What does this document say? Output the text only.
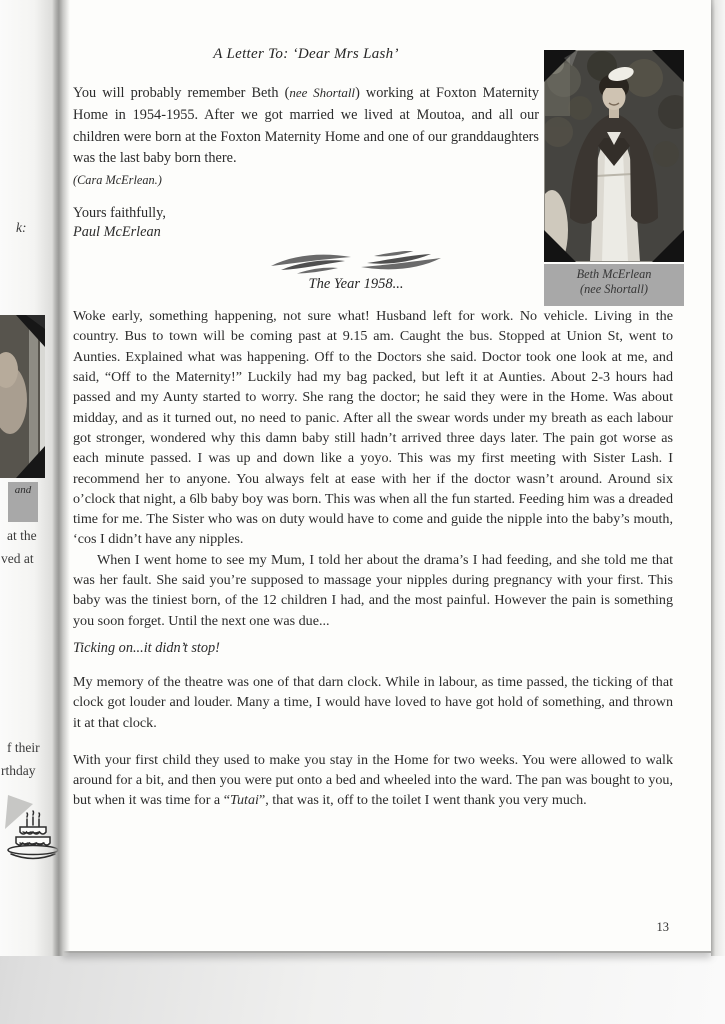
k:
and
at the
ved at
f their
rthday
Beth McErlean
(nee Shortall)
A Letter To: ‘Dear Mrs Lash’

You will probably remember Beth (nee Shortall) working at Foxton Maternity Home in 1954-1955. After we got married we lived at Moutoa, and all our children were born at the Foxton Maternity Home and one of our granddaughters was the last baby born there.

(Cara McErlean.)

Yours faithfully,

Paul McErlean

The Year 1958...

Woke early, something happening, not sure what! Husband left for work. No vehicle. Living in the country. Bus to town will be coming past at 9.15 am. Caught the bus. Stopped at Union St, went to Aunties. Explained what was happening. Off to the Doctors she said. Doctor took one look at me, and said, “Off to the Maternity!” Luckily had my bag packed, but left it at Aunties. About 2-3 hours had passed and my Aunty started to worry. She rang the doctor; he said they were in the Home. Was about midday, and as it turned out, no need to panic. After all the swear words under my breath as each labour got stronger, wondered why this damn baby still hadn’t arrived three days later. The pain got worse as each minute passed. I was up and down like a yoyo. This was my first meeting with Sister Lash. I recommend her to anyone. You always felt at ease with her if the doctor wasn’t around. Around six o’clock that night, a 6lb baby boy was born. This was when all the fun started. Feeding him was a dreaded time for me. The Sister who was on duty would have to come and guide the nipple into the baby’s mouth, ‘cos I didn’t have any nipples.

When I went home to see my Mum, I told her about the drama’s I had feeding, and she told me that was her fault. She said you’re supposed to massage your nipples during pregnancy with your first. This baby was the tiniest born, of the 12 children I had, and the most painful. However the pain is something you soon forget. Until the next one was due...

Ticking on...it didn’t stop!

My memory of the theatre was one of that darn clock. While in labour, as time passed, the ticking of that clock got louder and louder. Many a time, I would have loved to have got hold of something, and thrown it at that clock.

With your first child they used to make you stay in the Home for two weeks. You were allowed to walk around for a bit, and then you were put onto a bed and wheeled into the ward. The pan was bought to you, but when it was time for a “Tutai”, that was it, off to the toilet I went thank you very much.

13
